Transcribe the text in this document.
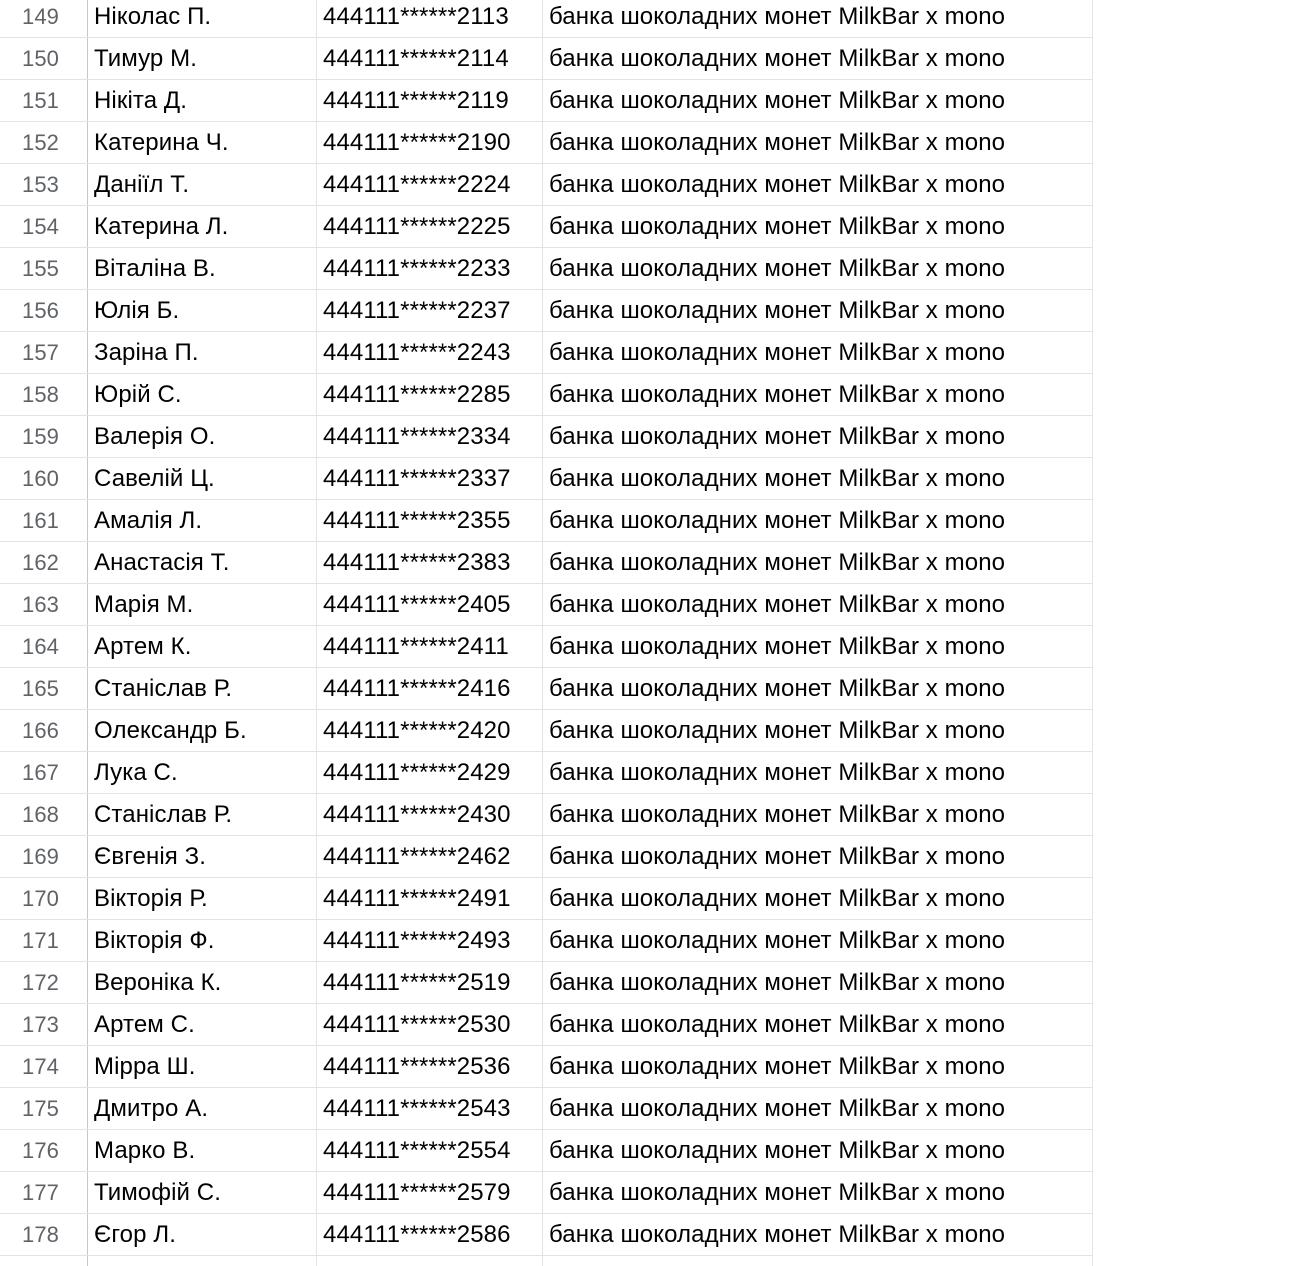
149	Ніколас П.	444111******2113	банка шоколадних монет MilkBar x mono
150	Тимур М.	444111******2114	банка шоколадних монет MilkBar x mono
151	Нікіта Д.	444111******2119	банка шоколадних монет MilkBar x mono
152	Катерина Ч.	444111******2190	банка шоколадних монет MilkBar x mono
153	Даніїл Т.	444111******2224	банка шоколадних монет MilkBar x mono
154	Катерина Л.	444111******2225	банка шоколадних монет MilkBar x mono
155	Віталіна В.	444111******2233	банка шоколадних монет MilkBar x mono
156	Юлія Б.	444111******2237	банка шоколадних монет MilkBar x mono
157	Заріна П.	444111******2243	банка шоколадних монет MilkBar x mono
158	Юрій С.	444111******2285	банка шоколадних монет MilkBar x mono
159	Валерія О.	444111******2334	банка шоколадних монет MilkBar x mono
160	Савелій Ц.	444111******2337	банка шоколадних монет MilkBar x mono
161	Амалія Л.	444111******2355	банка шоколадних монет MilkBar x mono
162	Анастасія Т.	444111******2383	банка шоколадних монет MilkBar x mono
163	Марія М.	444111******2405	банка шоколадних монет MilkBar x mono
164	Артем К.	444111******2411	банка шоколадних монет MilkBar x mono
165	Станіслав Р.	444111******2416	банка шоколадних монет MilkBar x mono
166	Олександр Б.	444111******2420	банка шоколадних монет MilkBar x mono
167	Лука С.	444111******2429	банка шоколадних монет MilkBar x mono
168	Станіслав Р.	444111******2430	банка шоколадних монет MilkBar x mono
169	Євгенія З.	444111******2462	банка шоколадних монет MilkBar x mono
170	Вікторія Р.	444111******2491	банка шоколадних монет MilkBar x mono
171	Вікторія Ф.	444111******2493	банка шоколадних монет MilkBar x mono
172	Вероніка К.	444111******2519	банка шоколадних монет MilkBar x mono
173	Артем С.	444111******2530	банка шоколадних монет MilkBar x mono
174	Мірра Ш.	444111******2536	банка шоколадних монет MilkBar x mono
175	Дмитро А.	444111******2543	банка шоколадних монет MilkBar x mono
176	Марко В.	444111******2554	банка шоколадних монет MilkBar x mono
177	Тимофій С.	444111******2579	банка шоколадних монет MilkBar x mono
178	Єгор Л.	444111******2586	банка шоколадних монет MilkBar x mono
